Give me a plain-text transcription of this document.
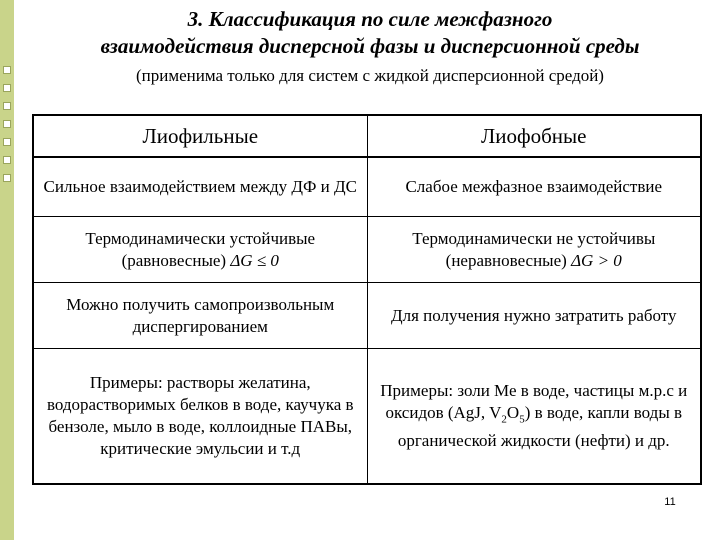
3. Классификация по силе межфазного
взаимодействия дисперсной фазы и дисперсионной среды
(применима только для систем с жидкой дисперсионной средой)
Лиофильные	Лиофобные
Сильное взаимодействием между ДФ и ДС	Слабое межфазное взаимодействие
Термодинамически устойчивые (равновесные) ΔG ≤ 0	Термодинамически не устойчивы (неравновесные) ΔG > 0
Можно получить самопроизвольным диспергированием	Для получения нужно затратить работу
Примеры: растворы желатина, водорастворимых белков в воде, каучука в бензоле, мыло в воде, коллоидные ПАВы, критические эмульсии и т.д	Примеры: золи Ме в воде, частицы м.р.с и оксидов (AgJ, $V_2O_5$) в воде, капли воды в органической жидкости (нефти) и др.
11
